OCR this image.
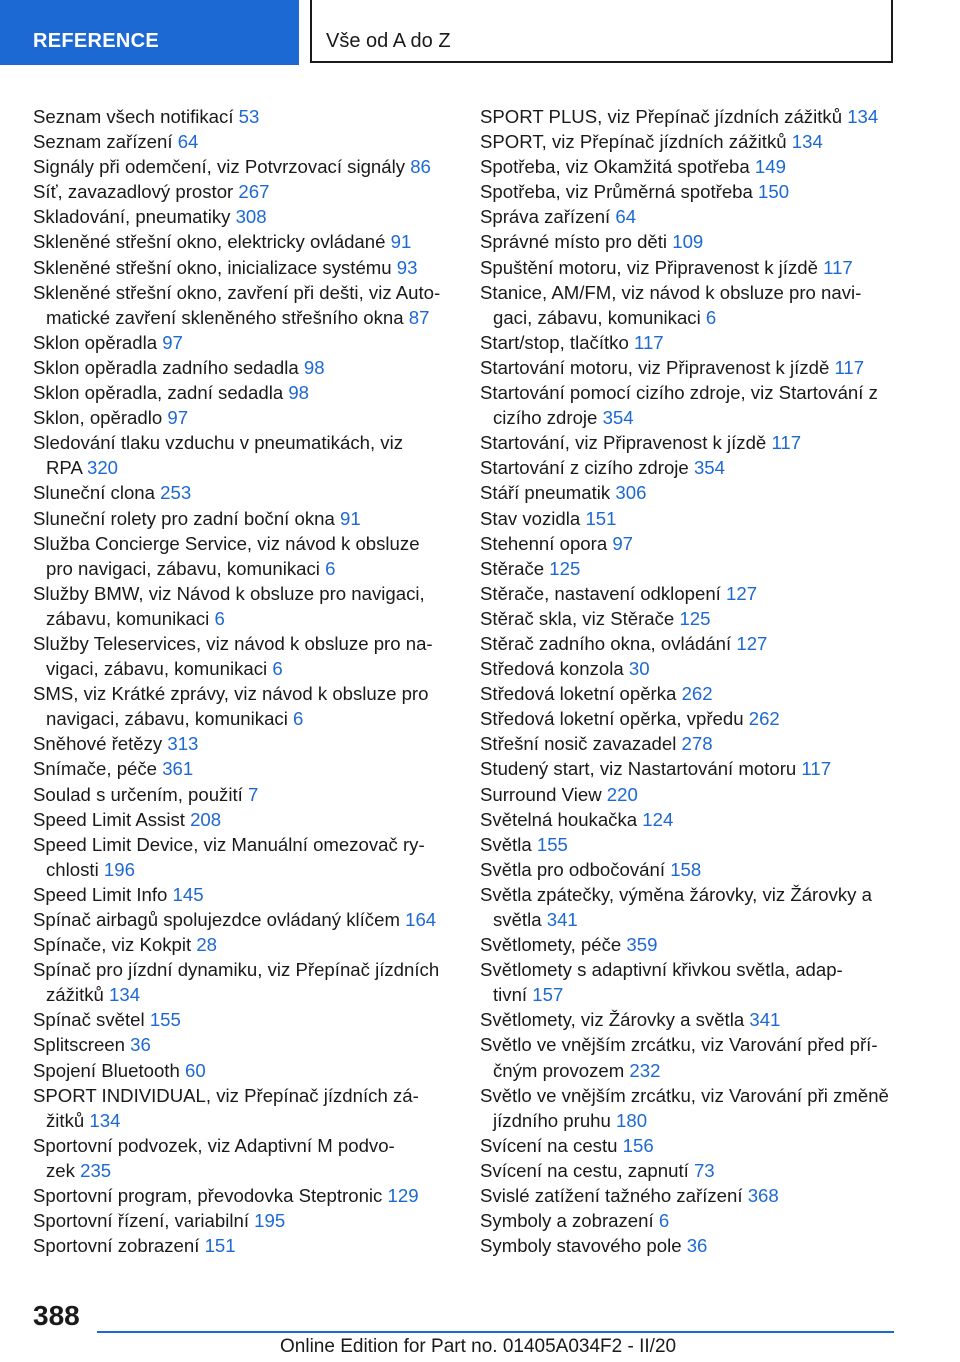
REFERENCE	Vše od A do Z
Seznam všech notifikací 53
Seznam zařízení 64
Signály při odemčení, viz Potvrzovací signály 86
Síť, zavazadlový prostor 267
Skladování, pneumatiky 308
Skleněné střešní okno, elektricky ovládané 91
Skleněné střešní okno, inicializace systému 93
Skleněné střešní okno, zavření při dešti, viz Auto-
matické zavření skleněného střešního okna 87
Sklon opěradla 97
Sklon opěradla zadního sedadla 98
Sklon opěradla, zadní sedadla 98
Sklon, opěradlo 97
Sledování tlaku vzduchu v pneumatikách, viz
RPA 320
Sluneční clona 253
Sluneční rolety pro zadní boční okna 91
Služba Concierge Service, viz návod k obsluze
pro navigaci, zábavu, komunikaci 6
Služby BMW, viz Návod k obsluze pro navigaci,
zábavu, komunikaci 6
Služby Teleservices, viz návod k obsluze pro na-
vigaci, zábavu, komunikaci 6
SMS, viz Krátké zprávy, viz návod k obsluze pro
navigaci, zábavu, komunikaci 6
Sněhové řetězy 313
Snímače, péče 361
Soulad s určením, použití 7
Speed Limit Assist 208
Speed Limit Device, viz Manuální omezovač ry-
chlosti 196
Speed Limit Info 145
Spínač airbagů spolujezdce ovládaný klíčem 164
Spínače, viz Kokpit 28
Spínač pro jízdní dynamiku, viz Přepínač jízdních
zážitků 134
Spínač světel 155
Splitscreen 36
Spojení Bluetooth 60
SPORT INDIVIDUAL, viz Přepínač jízdních zá-
žitků 134
Sportovní podvozek, viz Adaptivní M podvo-
zek 235
Sportovní program, převodovka Steptronic 129
Sportovní řízení, variabilní 195
Sportovní zobrazení 151
SPORT PLUS, viz Přepínač jízdních zážitků 134
SPORT, viz Přepínač jízdních zážitků 134
Spotřeba, viz Okamžitá spotřeba 149
Spotřeba, viz Průměrná spotřeba 150
Správa zařízení 64
Správné místo pro děti 109
Spuštění motoru, viz Připravenost k jízdě 117
Stanice, AM/FM, viz návod k obsluze pro navi-
gaci, zábavu, komunikaci 6
Start/stop, tlačítko 117
Startování motoru, viz Připravenost k jízdě 117
Startování pomocí cizího zdroje, viz Startování z
cizího zdroje 354
Startování, viz Připravenost k jízdě 117
Startování z cizího zdroje 354
Stáří pneumatik 306
Stav vozidla 151
Stehenní opora 97
Stěrače 125
Stěrače, nastavení odklopení 127
Stěrač skla, viz Stěrače 125
Stěrač zadního okna, ovládání 127
Středová konzola 30
Středová loketní opěrka 262
Středová loketní opěrka, vpředu 262
Střešní nosič zavazadel 278
Studený start, viz Nastartování motoru 117
Surround View 220
Světelná houkačka 124
Světla 155
Světla pro odbočování 158
Světla zpátečky, výměna žárovky, viz Žárovky a
světla 341
Světlomety, péče 359
Světlomety s adaptivní křivkou světla, adap-
tivní 157
Světlomety, viz Žárovky a světla 341
Světlo ve vnějším zrcátku, viz Varování před pří-
čným provozem 232
Světlo ve vnějším zrcátku, viz Varování při změně
jízdního pruhu 180
Svícení na cestu 156
Svícení na cestu, zapnutí 73
Svislé zatížení tažného zařízení 368
Symboly a zobrazení 6
Symboly stavového pole 36
388
Online Edition for Part no. 01405A034F2 - II/20
